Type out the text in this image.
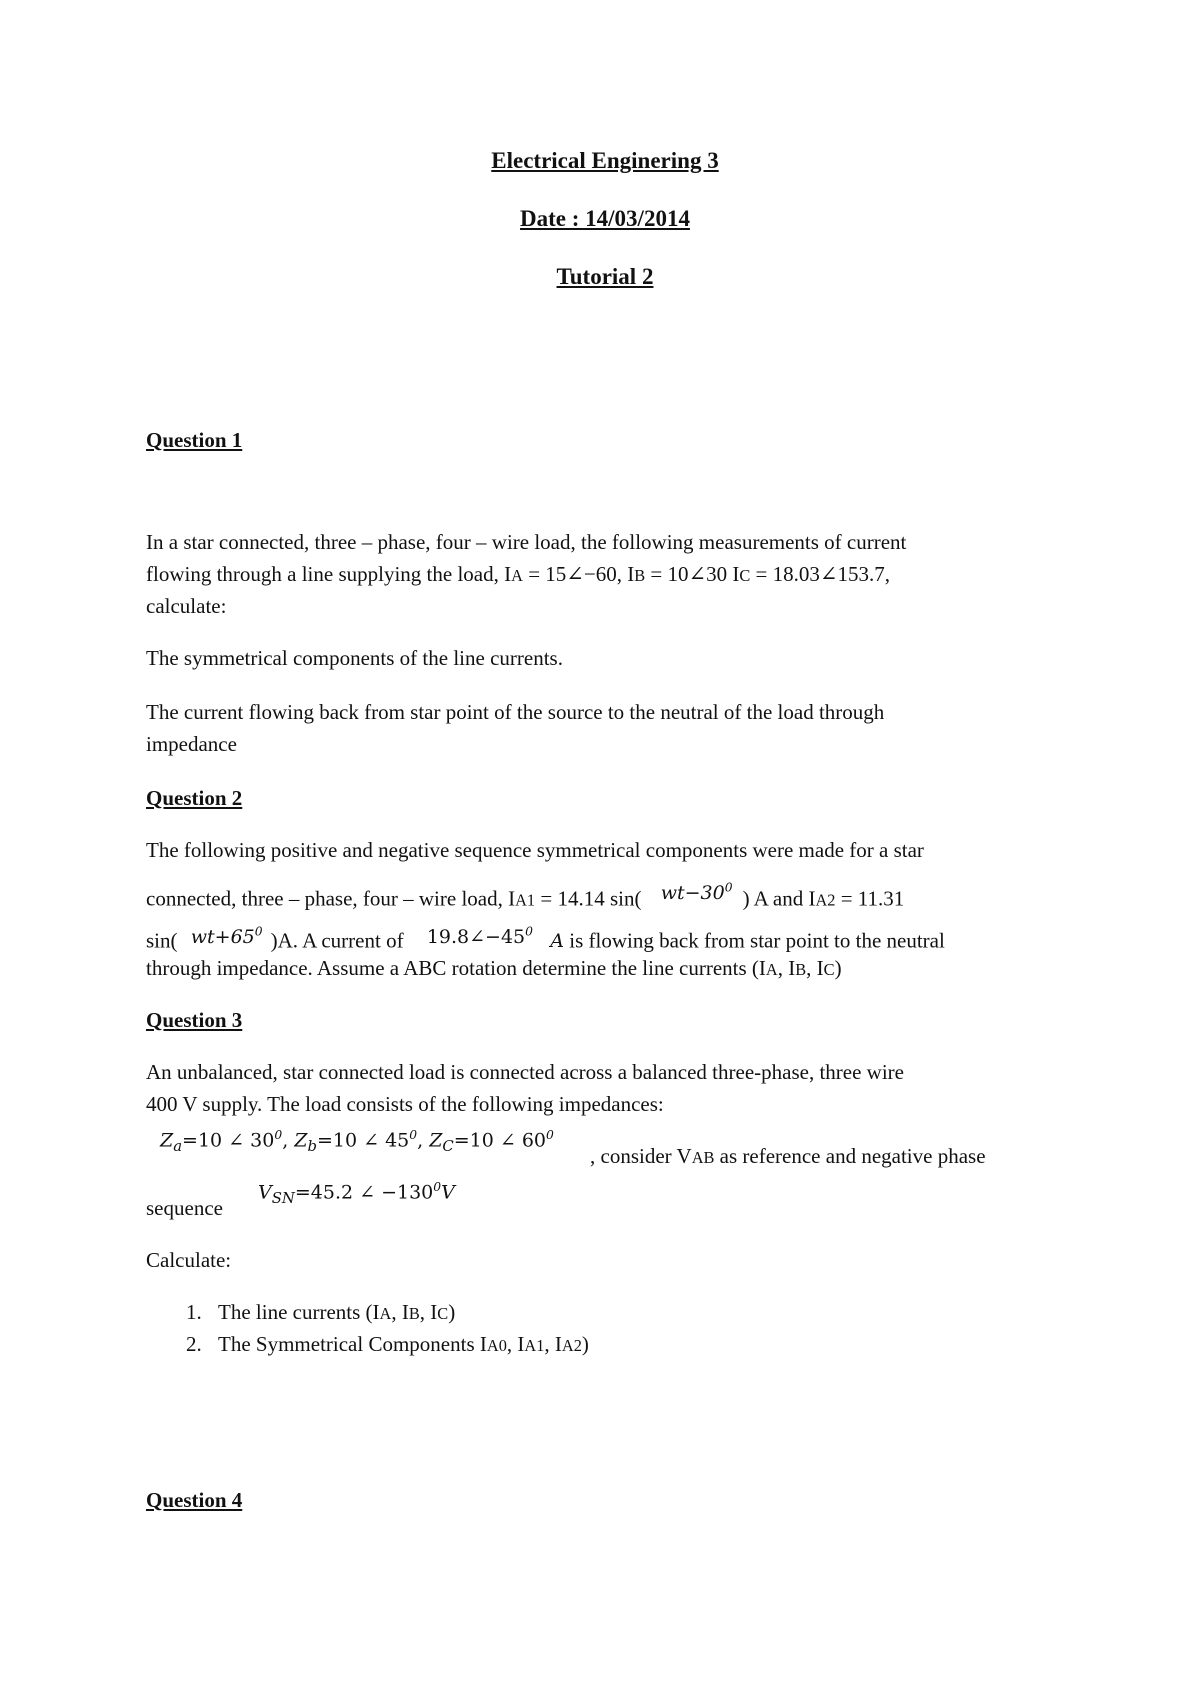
Electrical Enginering 3
Date : 14/03/2014
Tutorial 2
Question 1
In a star connected, three – phase, four – wire load, the following measurements of current
flowing through a line supplying the load, IA = 15∠−60, IB = 10∠30 IC = 18.03∠153.7,
calculate:
The symmetrical components of the line currents.
The current flowing back from star point of the source to the neutral of the load through
impedance
Question 2
The following positive and negative sequence symmetrical components were made for a star
connected, three – phase, four – wire load, IA1 = 14.14 sin( $wt-30^0$ ) A and IA2 = 11.31
sin( $wt+65^0$ )A. A current of $19.8\angle-45^0$ A is flowing back from star point to the neutral
through impedance. Assume a ABC rotation determine the line currents (IA, IB, IC)
Question 3
An unbalanced, star connected load is connected across a balanced three-phase, three wire
400 V supply. The load consists of the following impedances:
$Z_a=10$ ∠ $30^0$, $Z_b=10$ ∠ $45^0$, $Z_C=10$ ∠ $60^0$
, consider VAB as reference and negative phase
sequence
$V_{SN}=45.2$ ∠ $-130^0V$
Calculate:
1. The line currents (IA, IB, IC)
2. The Symmetrical Components IA0, IA1, IA2)
Question 4
